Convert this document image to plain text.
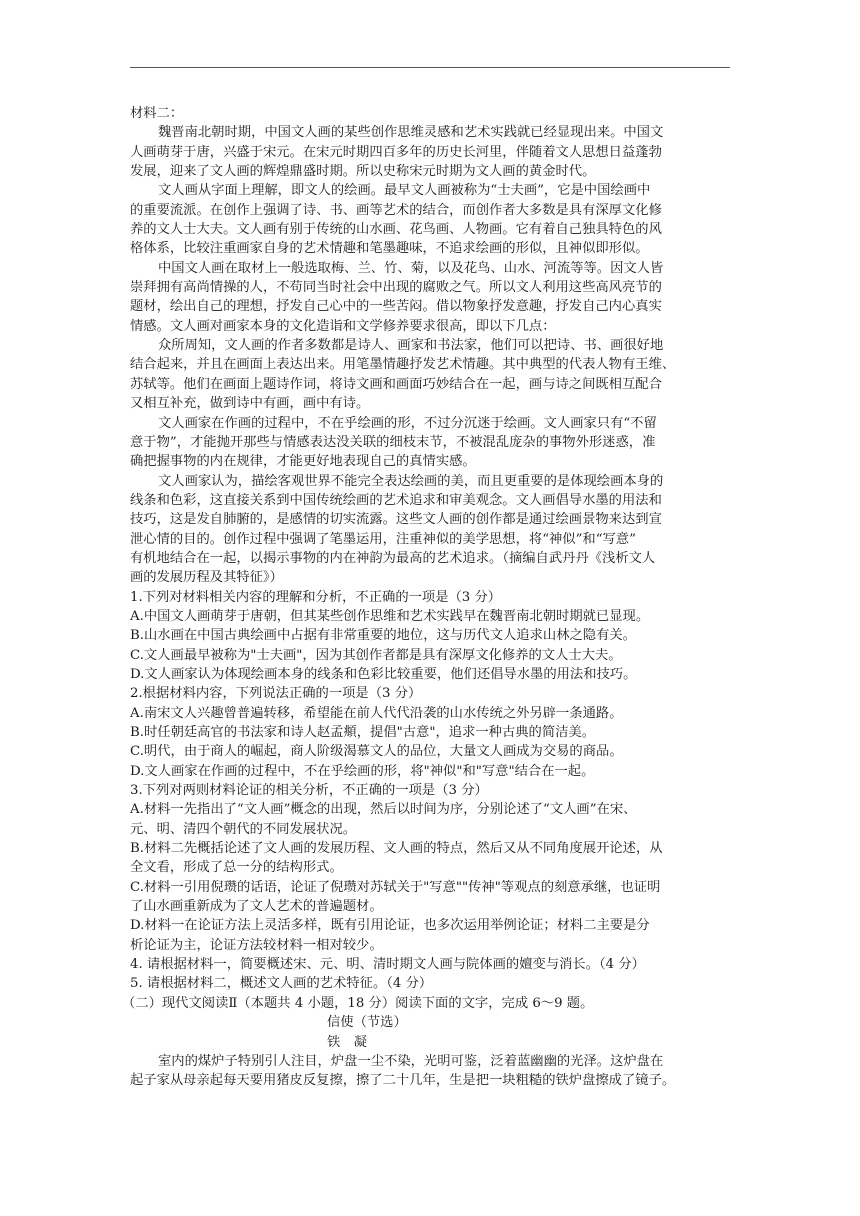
材料二：
魏晋南北朝时期，中国文人画的某些创作思维灵感和艺术实践就已经显现出来。中国文
人画萌芽于唐，兴盛于宋元。在宋元时期四百多年的历史长河里，伴随着文人思想日益蓬勃
发展，迎来了文人画的辉煌鼎盛时期。所以史称宋元时期为文人画的黄金时代。
文人画从字面上理解，即文人的绘画。最早文人画被称为“士夫画”，它是中国绘画中
的重要流派。在创作上强调了诗、书、画等艺术的结合，而创作者大多数是具有深厚文化修
养的文人士大夫。文人画有别于传统的山水画、花鸟画、人物画。它有着自己独具特色的风
格体系，比较注重画家自身的艺术情趣和笔墨趣味，不追求绘画的形似，且神似即形似。
中国文人画在取材上一般选取梅、兰、竹、菊，以及花鸟、山水、河流等等。因文人皆
崇拜拥有高尚情操的人，不苟同当时社会中出现的腐败之气。所以文人利用这些高风亮节的
题材，绘出自己的理想，抒发自己心中的一些苦闷。借以物象抒发意趣，抒发自己内心真实
情感。文人画对画家本身的文化造诣和文学修养要求很高，即以下几点：
众所周知，文人画的作者多数都是诗人、画家和书法家，他们可以把诗、书、画很好地
结合起来，并且在画面上表达出来。用笔墨情趣抒发艺术情趣。其中典型的代表人物有王维、
苏轼等。他们在画面上题诗作词，将诗文画和画面巧妙结合在一起，画与诗之间既相互配合
又相互补充，做到诗中有画，画中有诗。
文人画家在作画的过程中，不在乎绘画的形，不过分沉迷于绘画。文人画家只有“不留
意于物”，才能抛开那些与情感表达没关联的细枝末节，不被混乱庞杂的事物外形迷惑，准
确把握事物的内在规律，才能更好地表现自己的真情实感。
文人画家认为，描绘客观世界不能完全表达绘画的美，而且更重要的是体现绘画本身的
线条和色彩，这直接关系到中国传统绘画的艺术追求和审美观念。文人画倡导水墨的用法和
技巧，这是发自肺腑的，是感情的切实流露。这些文人画的创作都是通过绘画景物来达到宣
泄心情的目的。创作过程中强调了笔墨运用，注重神似的美学思想，将“神似”和“写意”
有机地结合在一起，以揭示事物的内在神韵为最高的艺术追求。（摘编自武丹丹《浅析文人
画的发展历程及其特征》）
1.下列对材料相关内容的理解和分析，不正确的一项是（3 分）
A.中国文人画萌芽于唐朝，但其某些创作思维和艺术实践早在魏晋南北朝时期就已显现。
B.山水画在中国古典绘画中占据有非常重要的地位，这与历代文人追求山林之隐有关。
C.文人画最早被称为"士夫画"，因为其创作者都是具有深厚文化修养的文人士大夫。
D.文人画家认为体现绘画本身的线条和色彩比较重要，他们还倡导水墨的用法和技巧。
2.根据材料内容，下列说法正确的一项是（3 分）
A.南宋文人兴趣曾普遍转移，希望能在前人代代沿袭的山水传统之外另辟一条通路。
B.时任朝廷高官的书法家和诗人赵孟頫，提倡"古意"，追求一种古典的简洁美。
C.明代，由于商人的崛起，商人阶级渴慕文人的品位，大量文人画成为交易的商品。
D.文人画家在作画的过程中，不在乎绘画的形，将"神似"和"写意"结合在一起。
3.下列对两则材料论证的相关分析，不正确的一项是（3 分）
A.材料一先指出了“文人画”概念的出现，然后以时间为序，分别论述了“文人画”在宋、
元、明、清四个朝代的不同发展状况。
B.材料二先概括论述了文人画的发展历程、文人画的特点，然后又从不同角度展开论述，从
全文看，形成了总一分的结构形式。
C.材料一引用倪瓒的话语，论证了倪瓒对苏轼关于"写意""传神"等观点的刻意承继，也证明
了山水画重新成为了文人艺术的普遍题材。
D.材料一在论证方法上灵活多样，既有引用论证，也多次运用举例论证；材料二主要是分
析论证为主，论证方法较材料一相对较少。
4. 请根据材料一，简要概述宋、元、明、清时期文人画与院体画的嬗变与消长。（4 分）
5. 请根据材料二，概述文人画的艺术特征。（4 分）
（二）现代文阅读Ⅱ（本题共 4 小题，18 分）阅读下面的文字，完成 6～9 题。
信使（节选）
铁　凝
室内的煤炉子特别引人注目，炉盘一尘不染，光明可鉴，泛着蓝幽幽的光泽。这炉盘在
起子家从母亲起每天要用猪皮反复擦，擦了二十几年，生是把一块粗糙的铁炉盘擦成了镜子。
